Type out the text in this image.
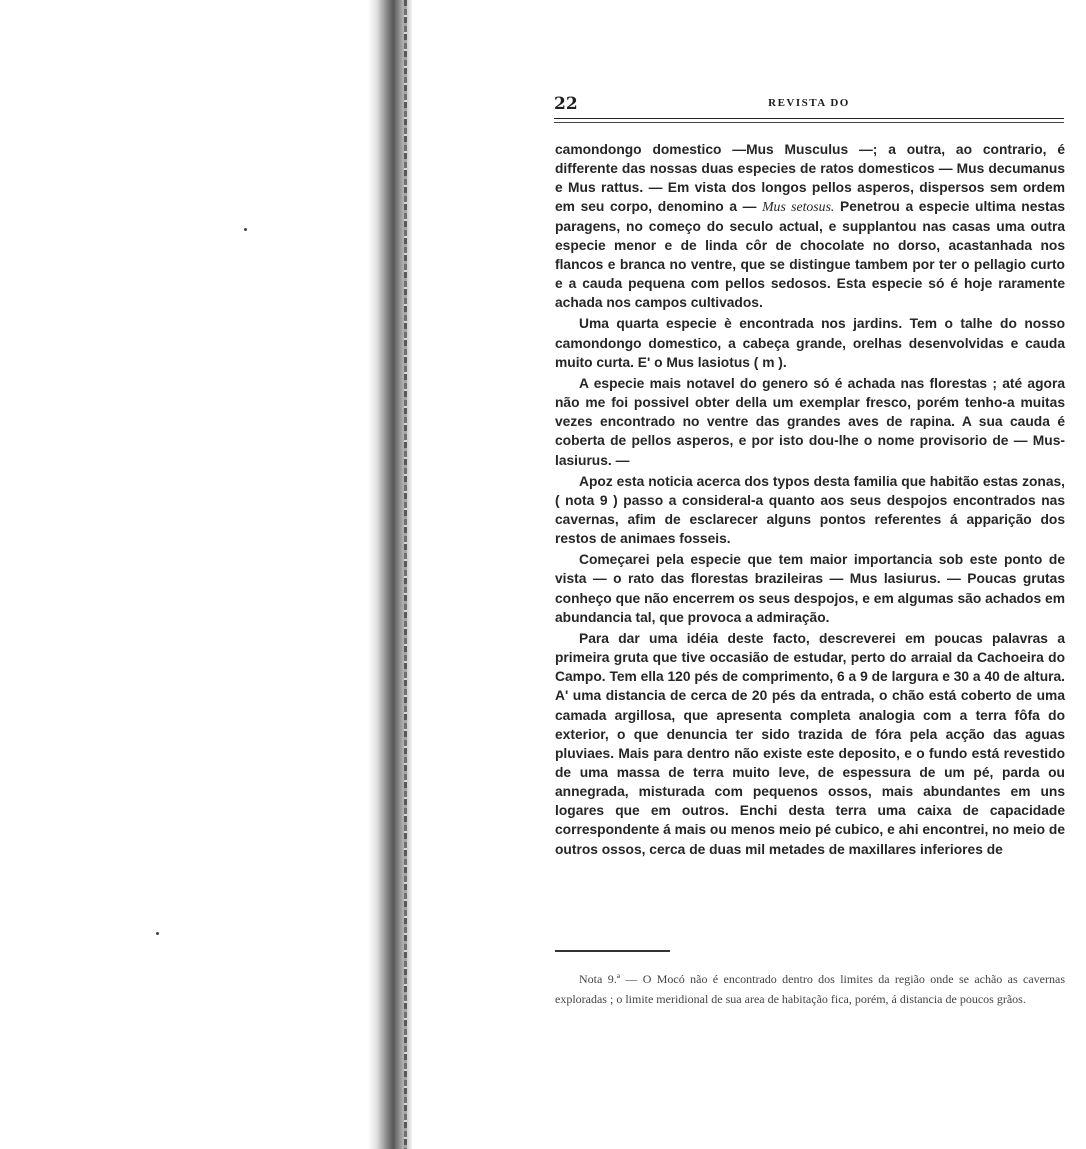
22	REVISTA DO

camondongo domestico —Mus Musculus —; a outra, ao contrario, é differente das nossas duas especies de ratos domesticos — Mus decumanus e Mus rattus. — Em vista dos longos pellos asperos, dispersos sem ordem em seu corpo, denomino a — Mus setosus. Penetrou a especie ultima nestas paragens, no começo do seculo actual, e supplantou nas casas uma outra especie menor e de linda côr de chocolate no dorso, acastanhada nos flancos e branca no ventre, que se distingue tambem por ter o pellagio curto e a cauda pequena com pellos sedosos. Esta especie só é hoje raramente achada nos campos cultivados.

Uma quarta especie è encontrada nos jardins. Tem o talhe do nosso camondongo domestico, a cabeça grande, orelhas desenvolvidas e cauda muito curta. E' o Mus lasiotus ( m ).

A especie mais notavel do genero só é achada nas florestas ; até agora não me foi possivel obter della um exemplar fresco, porém tenho-a muitas vezes encontrado no ventre das grandes aves de rapina. A sua cauda é coberta de pellos asperos, e por isto dou-lhe o nome provisorio de — Mus-lasiurus. —

Apoz esta noticia acerca dos typos desta familia que habitão estas zonas, ( nota 9 ) passo a consideral-a quanto aos seus despojos encontrados nas cavernas, afim de esclarecer alguns pontos referentes á apparição dos restos de animaes fosseis.

Começarei pela especie que tem maior importancia sob este ponto de vista — o rato das florestas brazileiras — Mus lasiurus. — Poucas grutas conheço que não encerrem os seus despojos, e em algumas são achados em abundancia tal, que provoca a admiração.

Para dar uma idéia deste facto, descreverei em poucas palavras a primeira gruta que tive occasião de estudar, perto do arraial da Cachoeira do Campo. Tem ella 120 pés de comprimento, 6 a 9 de largura e 30 a 40 de altura. A' uma distancia de cerca de 20 pés da entrada, o chão está coberto de uma camada argillosa, que apresenta completa analogia com a terra fôfa do exterior, o que denuncia ter sido trazida de fóra pela acção das aguas pluviaes. Mais para dentro não existe este deposito, e o fundo está revestido de uma massa de terra muito leve, de espessura de um pé, parda ou annegrada, misturada com pequenos ossos, mais abundantes em uns logares que em outros. Enchi desta terra uma caixa de capacidade correspondente á mais ou menos meio pé cubico, e ahi encontrei, no meio de outros ossos, cerca de duas mil metades de maxillares inferiores de

Nota 9.ª — O Mocó não é encontrado dentro dos limites da região onde se achão as cavernas exploradas ; o limite meridional de sua area de habitação fica, porém, á distancia de poucos grãos.
